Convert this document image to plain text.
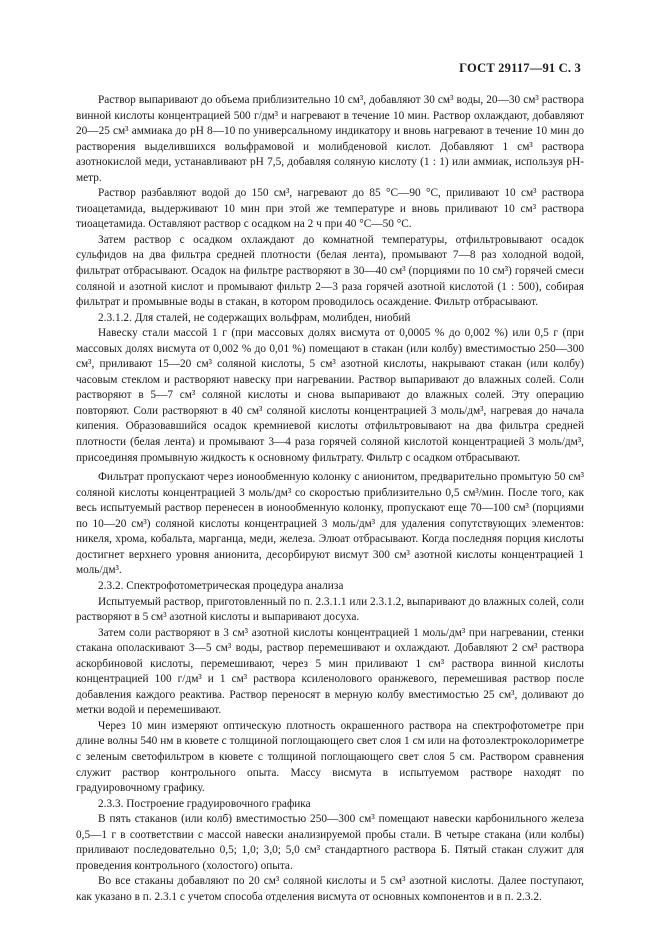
ГОСТ 29117—91 С. 3

Раствор выпаривают до объема приблизительно 10 см³, добавляют 30 см³ воды, 20—30 см³ раствора винной кислоты концентрацией 500 г/дм³ и нагревают в течение 10 мин. Раствор охлаждают, добавляют 20—25 см³ аммиака до pH 8—10 по универсальному индикатору и вновь нагревают в течение 10 мин до растворения выделившихся вольфрамовой и молибденовой кислот. Добавляют 1 см³ раствора азотнокислой меди, устанавливают pH 7,5, добавляя соляную кислоту (1 : 1) или аммиак, используя pH-метр.

Раствор разбавляют водой до 150 см³, нагревают до 85 °С—90 °С, приливают 10 см³ раствора тиоацетамида, выдерживают 10 мин при этой же температуре и вновь приливают 10 см³ раствора тиоацетамида. Оставляют раствор с осадком на 2 ч при 40 °С—50 °С.

Затем раствор с осадком охлаждают до комнатной температуры, отфильтровывают осадок сульфидов на два фильтра средней плотности (белая лента), промывают 7—8 раз холодной водой, фильтрат отбрасывают. Осадок на фильтре растворяют в 30—40 см³ (порциями по 10 см³) горячей смеси соляной и азотной кислот и промывают фильтр 2—3 раза горячей азотной кислотой (1 : 500), собирая фильтрат и промывные воды в стакан, в котором проводилось осаждение. Фильтр отбрасывают.

2.3.1.2. Для сталей, не содержащих вольфрам, молибден, ниобий

Навеску стали массой 1 г (при массовых долях висмута от 0,0005 % до 0,002 %) или 0,5 г (при массовых долях висмута от 0,002 % до 0,01 %) помещают в стакан (или колбу) вместимостью 250—300 см³, приливают 15—20 см³ соляной кислоты, 5 см³ азотной кислоты, накрывают стакан (или колбу) часовым стеклом и растворяют навеску при нагревании. Раствор выпаривают до влажных солей. Соли растворяют в 5—7 см³ соляной кислоты и снова выпаривают до влажных солей. Эту операцию повторяют. Соли растворяют в 40 см³ соляной кислоты концентрацией 3 моль/дм³, нагревая до начала кипения. Образовавшийся осадок кремниевой кислоты отфильтровывают на два фильтра средней плотности (белая лента) и промывают 3—4 раза горячей соляной кислотой концентрацией 3 моль/дм³, присоединяя промывную жидкость к основному фильтрату. Фильтр с осадком отбрасывают.

Фильтрат пропускают через ионообменную колонку с анионитом, предварительно промытую 50 см³ соляной кислоты концентрацией 3 моль/дм³ со скоростью приблизительно 0,5 см³/мин. После того, как весь испытуемый раствор перенесен в ионообменную колонку, пропускают еще 70—100 см³ (порциями по 10—20 см³) соляной кислоты концентрацией 3 моль/дм³ для удаления сопутствующих элементов: никеля, хрома, кобальта, марганца, меди, железа. Элюат отбрасывают. Когда последняя порция кислоты достигнет верхнего уровня анионита, десорбируют висмут 300 см³ азотной кислоты концентрацией 1 моль/дм³.

2.3.2. Спектрофотометрическая процедура анализа

Испытуемый раствор, приготовленный по п. 2.3.1.1 или 2.3.1.2, выпаривают до влажных солей, соли растворяют в 5 см³ азотной кислоты и выпаривают досуха.

Затем соли растворяют в 3 см³ азотной кислоты концентрацией 1 моль/дм³ при нагревании, стенки стакана ополаскивают 3—5 см³ воды, раствор перемешивают и охлаждают. Добавляют 2 см³ раствора аскорбиновой кислоты, перемешивают, через 5 мин приливают 1 см³ раствора винной кислоты концентрацией 100 г/дм³ и 1 см³ раствора ксиленолового оранжевого, перемешивая раствор после добавления каждого реактива. Раствор переносят в мерную колбу вместимостью 25 см³, доливают до метки водой и перемешивают.

Через 10 мин измеряют оптическую плотность окрашенного раствора на спектрофотометре при длине волны 540 нм в кювете с толщиной поглощающего свет слоя 1 см или на фотоэлектроколориметре с зеленым светофильтром в кювете с толщиной поглощающего свет слоя 5 см. Раствором сравнения служит раствор контрольного опыта. Массу висмута в испытуемом растворе находят по градуировочному графику.

2.3.3. Построение градуировочного графика

В пять стаканов (или колб) вместимостью 250—300 см³ помещают навески карбонильного железа 0,5—1 г в соответствии с массой навески анализируемой пробы стали. В четыре стакана (или колбы) приливают последовательно 0,5; 1,0; 3,0; 5,0 см³ стандартного раствора Б. Пятый стакан служит для проведения контрольного (холостого) опыта.

Во все стаканы добавляют по 20 см³ соляной кислоты и 5 см³ азотной кислоты. Далее поступают, как указано в п. 2.3.1 с учетом способа отделения висмута от основных компонентов и в п. 2.3.2.
